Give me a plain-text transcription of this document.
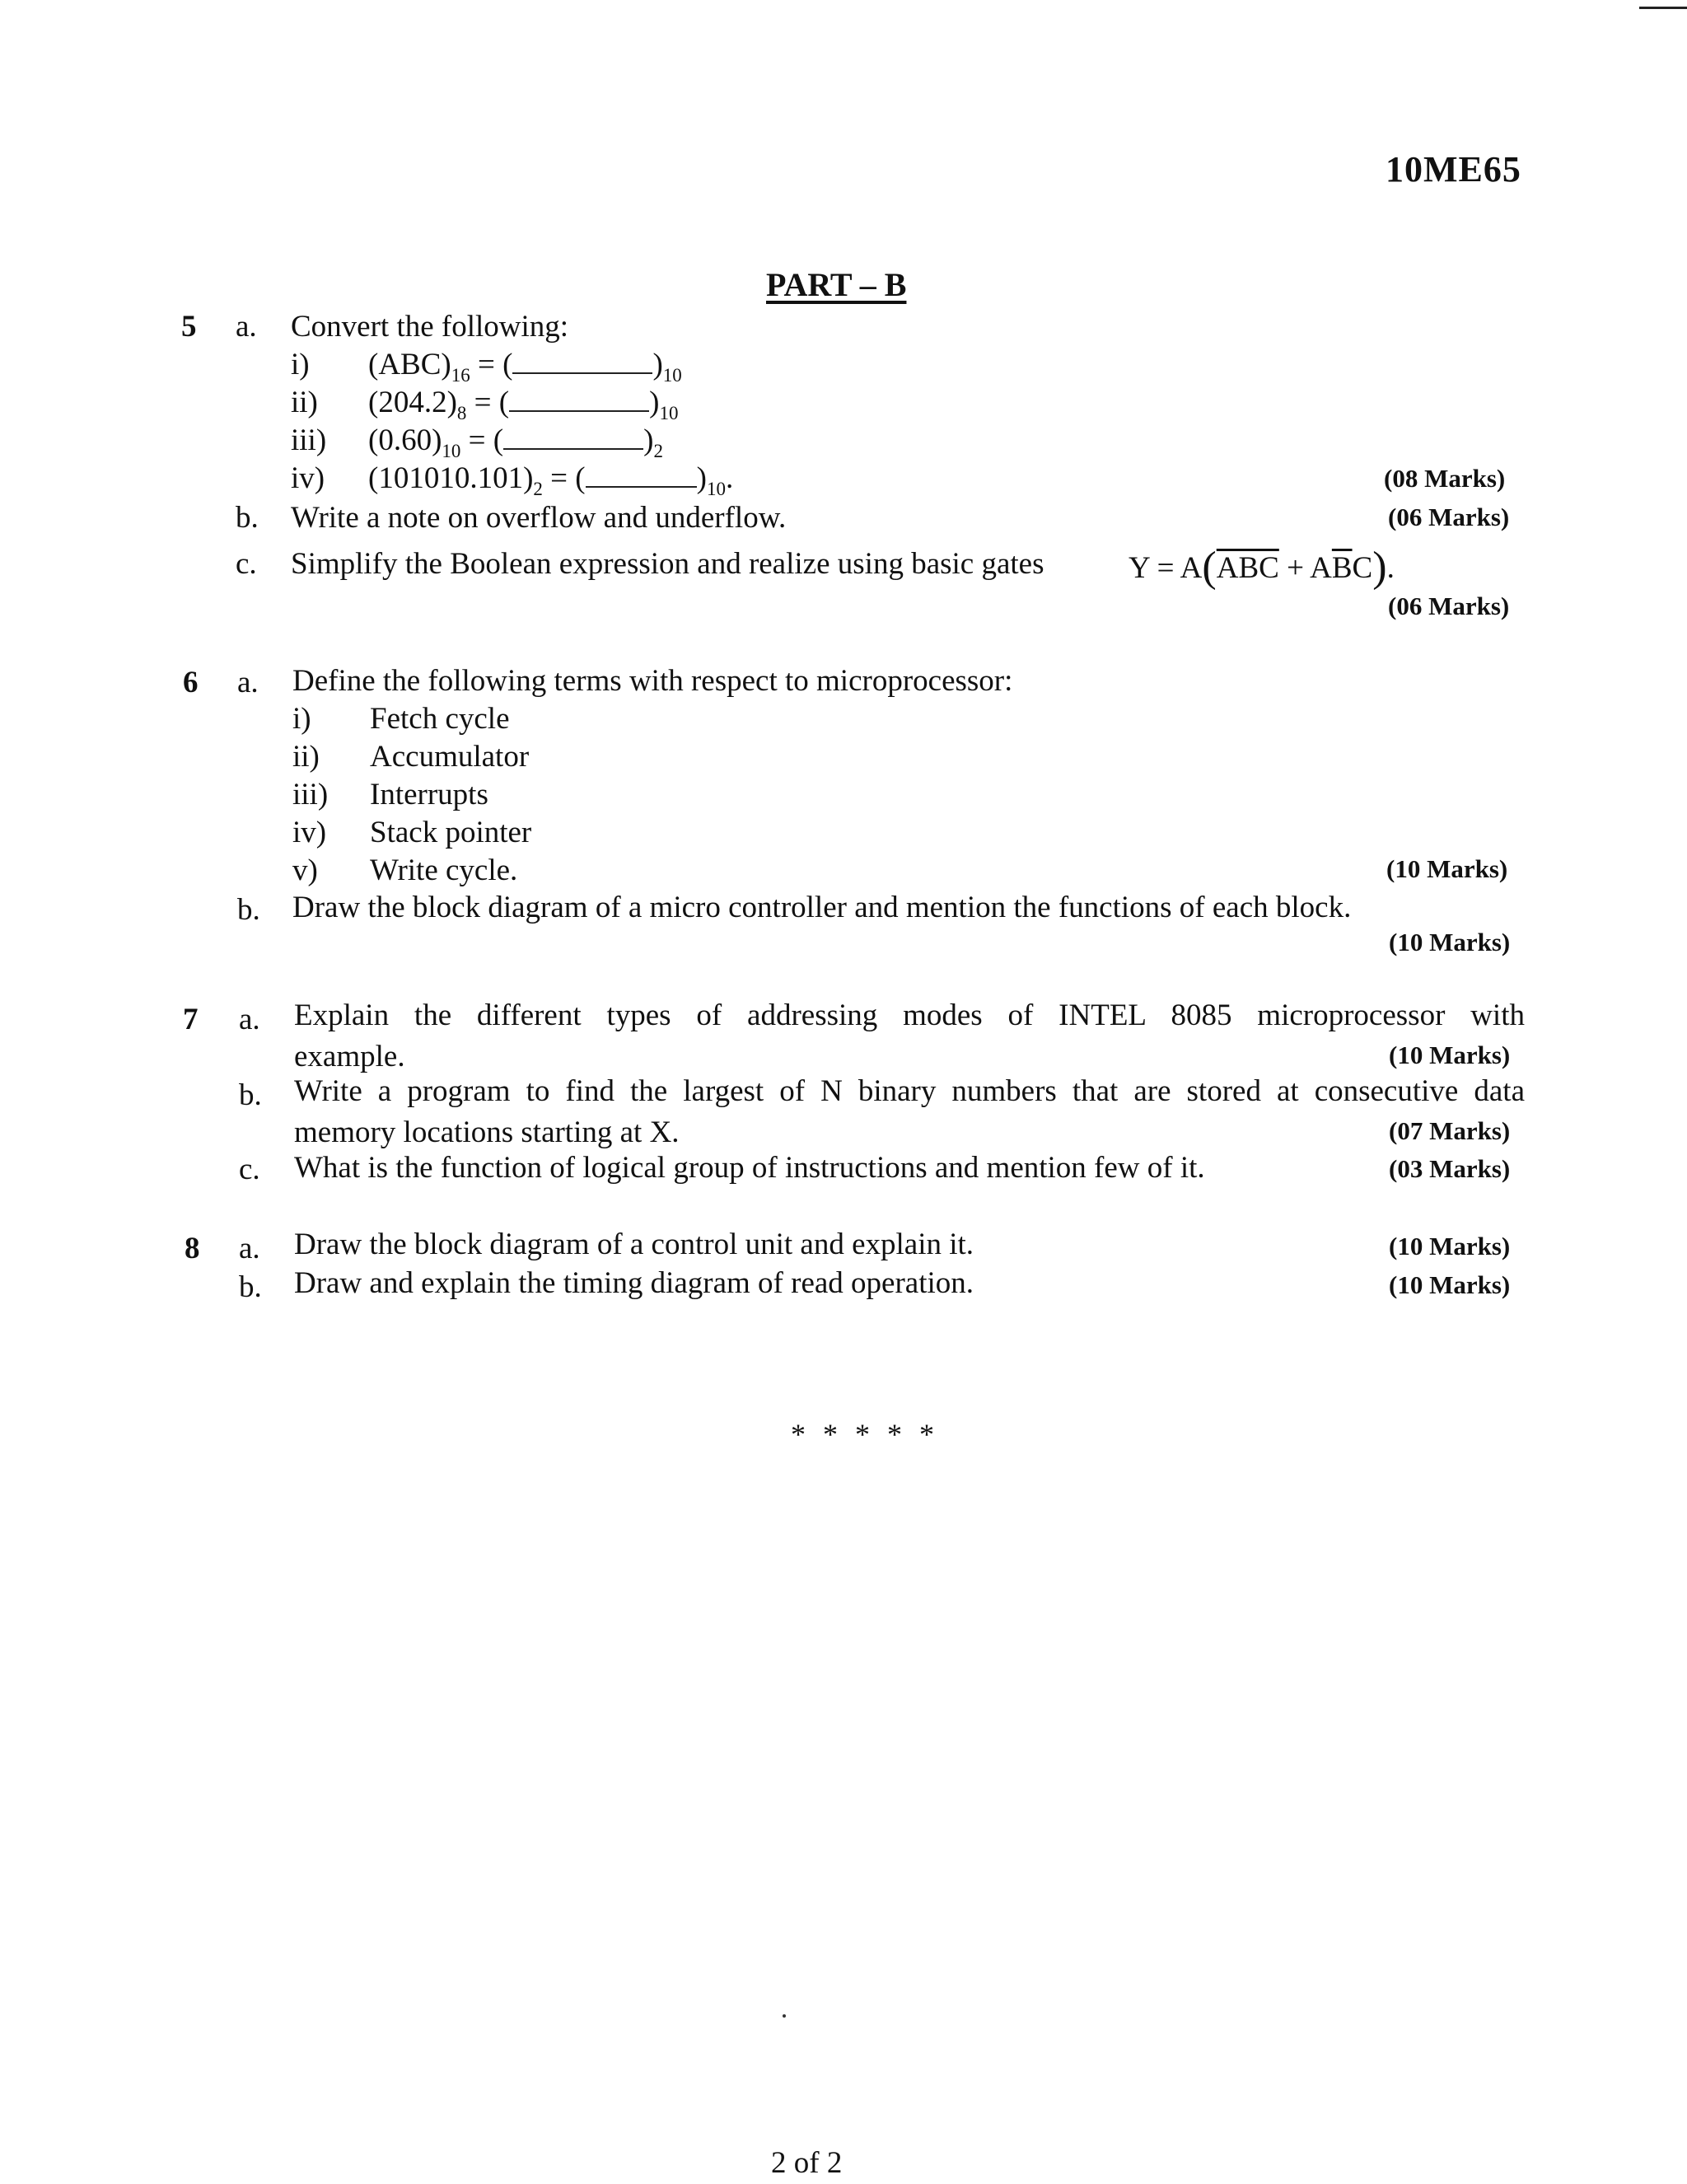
10ME65
PART – B
5 a. Convert the following:
i) $(ABC)_{16}$ = (	)$_{10}$
ii) $(204.2)_8$ = (	)$_{10}$
iii) $(0.60)_{10}$ = (	)$_2$
iv) $(101010.101)_2$ = (	)$_{10}$.	(08 Marks)
b. Write a note on overflow and underflow.	(06 Marks)
c. Simplify the Boolean expression and realize using basic gates	$Y = A(\overline{ABC} + A\overline{B}C)$.
(06 Marks)
6 a. Define the following terms with respect to microprocessor:
i) Fetch cycle
ii) Accumulator
iii) Interrupts
iv) Stack pointer
v) Write cycle.	(10 Marks)
b. Draw the block diagram of a micro controller and mention the functions of each block.
(10 Marks)
7 a. Explain the different types of addressing modes of INTEL 8085 microprocessor with
example.	(10 Marks)
b. Write a program to find the largest of N binary numbers that are stored at consecutive data
memory locations starting at X.	(07 Marks)
c. What is the function of logical group of instructions and mention few of it.	(03 Marks)
8 a. Draw the block diagram of a control unit and explain it.	(10 Marks)
b. Draw and explain the timing diagram of read operation.	(10 Marks)
* * * * *
2 of 2
